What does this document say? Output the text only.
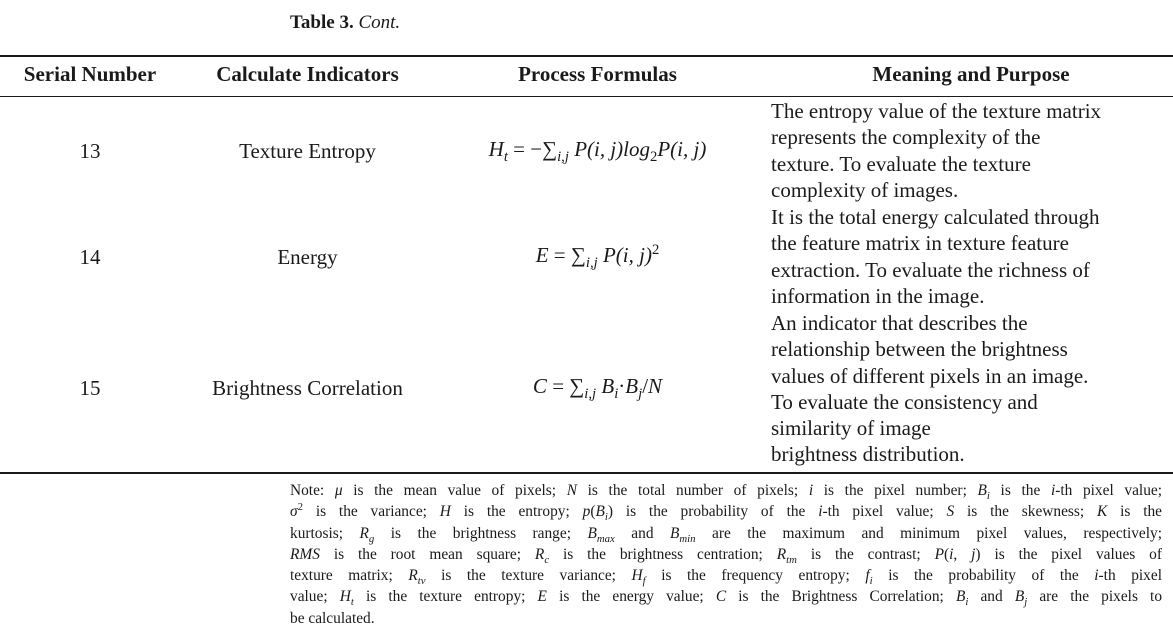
Table 3. Cont.
Serial Number	Calculate Indicators	Process Formulas	Meaning and Purpose
13	Texture Entropy	$H_t = -\sum_{i,j}$ P(i, $j)\log_2P(i$, j)
The entropy value of the texture matrix
represents the complexity of the
texture. To evaluate the texture
complexity of images.
14	Energy	$E = \sum_{i,j}$ P(i, j)$^2$
It is the total energy calculated through
the feature matrix in texture feature
extraction. To evaluate the richness of
information in the image.
15	Brightness Correlation	$C = \sum_{i,j}$ $B_i\cdot B_j/N$
An indicator that describes the
relationship between the brightness
values of different pixels in an image.
To evaluate the consistency and
similarity of image
brightness distribution.
Note: μ is the mean value of pixels; N is the total number of pixels; i is the pixel number; $B_i$ is the i-th pixel value;
$\sigma^2$ is the variance; H is the entropy; $p(B_i)$ is the probability of the i-th pixel value; S is the skewness; K is the
kurtosis; $R_g$ is the brightness range; $B_{max}$ and $B_{min}$ are the maximum and minimum pixel values, respectively;
RMS is the root mean square; $R_c$ is the brightness centration; $R_{tm}$ is the contrast; P(i, j) is the pixel values of
texture matrix; $R_{tv}$ is the texture variance; $H_f$ is the frequency entropy; $f_i$ is the probability of the i-th pixel
value; $H_t$ is the texture entropy; E is the energy value; C is the Brightness Correlation; $B_i$ and $B_j$ are the pixels to
be calculated.
